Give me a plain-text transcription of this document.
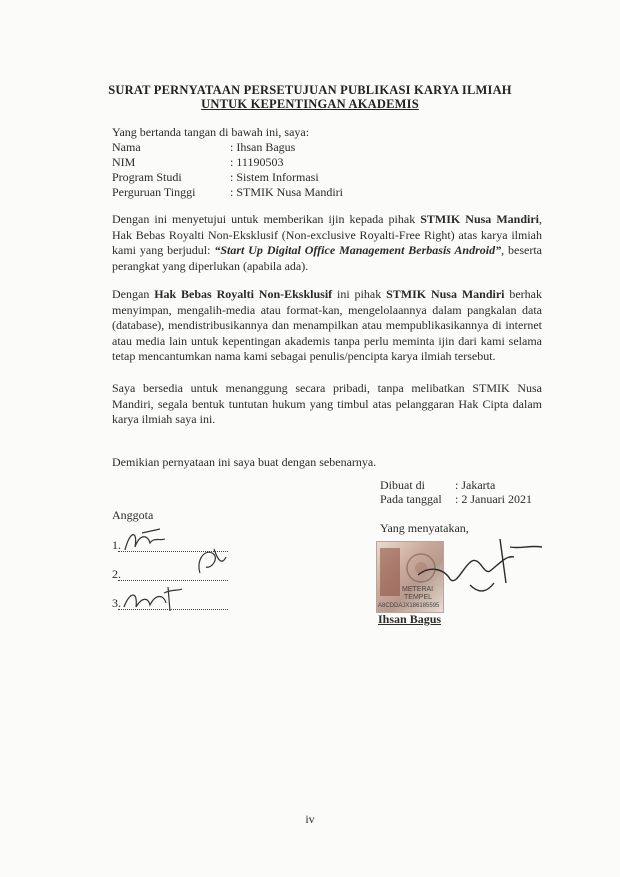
SURAT PERNYATAAN PERSETUJUAN PUBLIKASI KARYA ILMIAH
UNTUK KEPENTINGAN AKADEMIS
Yang bertanda tangan di bawah ini, saya:
Nama	: Ihsan Bagus
NIM	: 11190503
Program Studi	: Sistem Informasi
Perguruan Tinggi	: STMIK Nusa Mandiri
Dengan ini menyetujui untuk memberikan ijin kepada pihak STMIK Nusa Mandiri, Hak Bebas Royalti Non-Eksklusif (Non-exclusive Royalti-Free Right) atas karya ilmiah kami yang berjudul: “Start Up Digital Office Management Berbasis Android”, beserta perangkat yang diperlukan (apabila ada).
Dengan Hak Bebas Royalti Non-Eksklusif ini pihak STMIK Nusa Mandiri berhak menyimpan, mengalih-media atau format-kan, mengelolaannya dalam pangkalan data (database), mendistribusikannya dan menampilkan atau mempublikasikannya di internet atau media lain untuk kepentingan akademis tanpa perlu meminta ijin dari kami selama tetap mencantumkan nama kami sebagai penulis/pencipta karya ilmiah tersebut.
Saya bersedia untuk menanggung secara pribadi, tanpa melibatkan STMIK Nusa Mandiri, segala bentuk tuntutan hukum yang timbul atas pelanggaran Hak Cipta dalam karya ilmiah saya ini.
Demikian pernyataan ini saya buat dengan sebenarnya.
Dibuat di	: Jakarta
Pada tanggal : 2 Januari 2021
Yang menyatakan,
Anggota
1.
2.
3.
METERAI
TEMPEL
A8CDDAJX186185595
Ihsan Bagus
iv
